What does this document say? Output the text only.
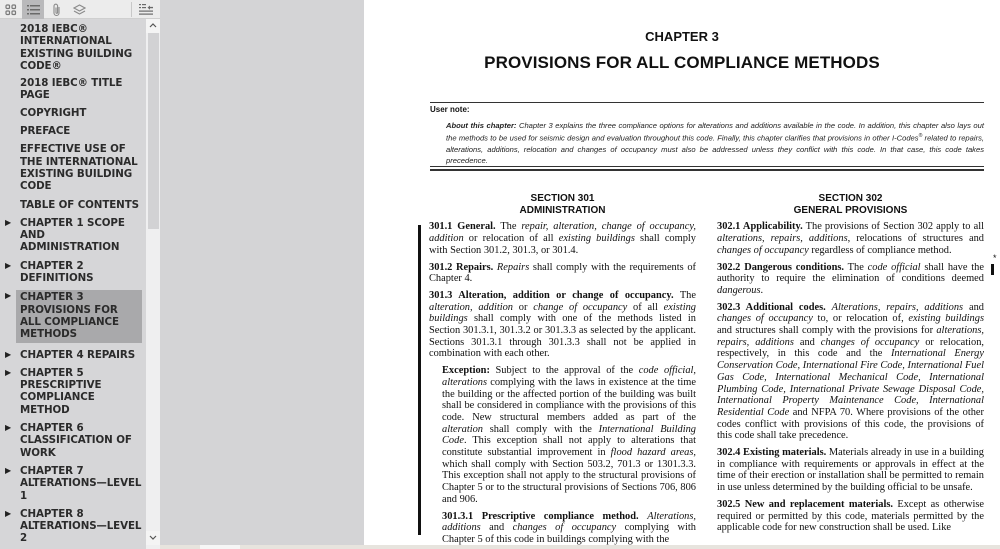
2018 IEBC® INTERNATIONAL EXISTING BUILDING CODE®
2018 IEBC® TITLE PAGE
COPYRIGHT
PREFACE
EFFECTIVE USE OF THE INTERNATIONAL EXISTING BUILDING CODE
TABLE OF CONTENTS
▶ CHAPTER 1 SCOPE AND ADMINISTRATION
▶ CHAPTER 2 DEFINITIONS
▶ CHAPTER 3 PROVISIONS FOR ALL COMPLIANCE METHODS
▶ CHAPTER 4 REPAIRS
▶ CHAPTER 5 PRESCRIPTIVE COMPLIANCE METHOD
▶ CHAPTER 6 CLASSIFICATION OF WORK
▶ CHAPTER 7 ALTERATIONS—LEVEL 1
▶ CHAPTER 8 ALTERATIONS—LEVEL 2
CHAPTER 3
PROVISIONS FOR ALL COMPLIANCE METHODS
User note:
About this chapter: Chapter 3 explains the three compliance options for alterations and additions available in the code. In addition, this chapter also lays out the methods to be used for seismic design and evaluation throughout this code. Finally, this chapter clarifies that provisions in other I-Codes® related to repairs, alterations, additions, relocation and changes of occupancy must also be addressed unless they conflict with this code. In that case, this code takes precedence.
SECTION 301
ADMINISTRATION
301.1 General. The repair, alteration, change of occupancy, addition or relocation of all existing buildings shall comply with Section 301.2, 301.3, or 301.4.
301.2 Repairs. Repairs shall comply with the requirements of Chapter 4.
301.3 Alteration, addition or change of occupancy. The alteration, addition or change of occupancy of all existing buildings shall comply with one of the methods listed in Section 301.3.1, 301.3.2 or 301.3.3 as selected by the applicant. Sections 301.3.1 through 301.3.3 shall not be applied in combination with each other.
Exception: Subject to the approval of the code official, alterations complying with the laws in existence at the time the building or the affected portion of the building was built shall be considered in compliance with the provisions of this code. New structural members added as part of the alteration shall comply with the International Building Code. This exception shall not apply to alterations that constitute substantial improvement in flood hazard areas, which shall comply with Section 503.2, 701.3 or 1301.3.3. This exception shall not apply to the structural provisions of Chapter 5 or to the structural provisions of Sections 706, 806 and 906.
301.3.1 Prescriptive compliance method. Alterations, additions and changes of occupancy complying with Chapter 5 of this code in buildings complying with the
SECTION 302
GENERAL PROVISIONS
302.1 Applicability. The provisions of Section 302 apply to all alterations, repairs, additions, relocations of structures and changes of occupancy regardless of compliance method.
302.2 Dangerous conditions. The code official shall have the authority to require the elimination of conditions deemed dangerous.
302.3 Additional codes. Alterations, repairs, additions and changes of occupancy to, or relocation of, existing buildings and structures shall comply with the provisions for alterations, repairs, additions and changes of occupancy or relocation, respectively, in this code and the International Energy Conservation Code, International Fire Code, International Fuel Gas Code, International Mechanical Code, International Plumbing Code, International Private Sewage Disposal Code, International Property Maintenance Code, International Residential Code and NFPA 70. Where provisions of the other codes conflict with provisions of this code, the provisions of this code shall take precedence.
302.4 Existing materials. Materials already in use in a building in compliance with requirements or approvals in effect at the time of their erection or installation shall be permitted to remain in use unless determined by the building official to be unsafe.
302.5 New and replacement materials. Except as otherwise required or permitted by this code, materials permitted by the applicable code for new construction shall be used. Like
*
